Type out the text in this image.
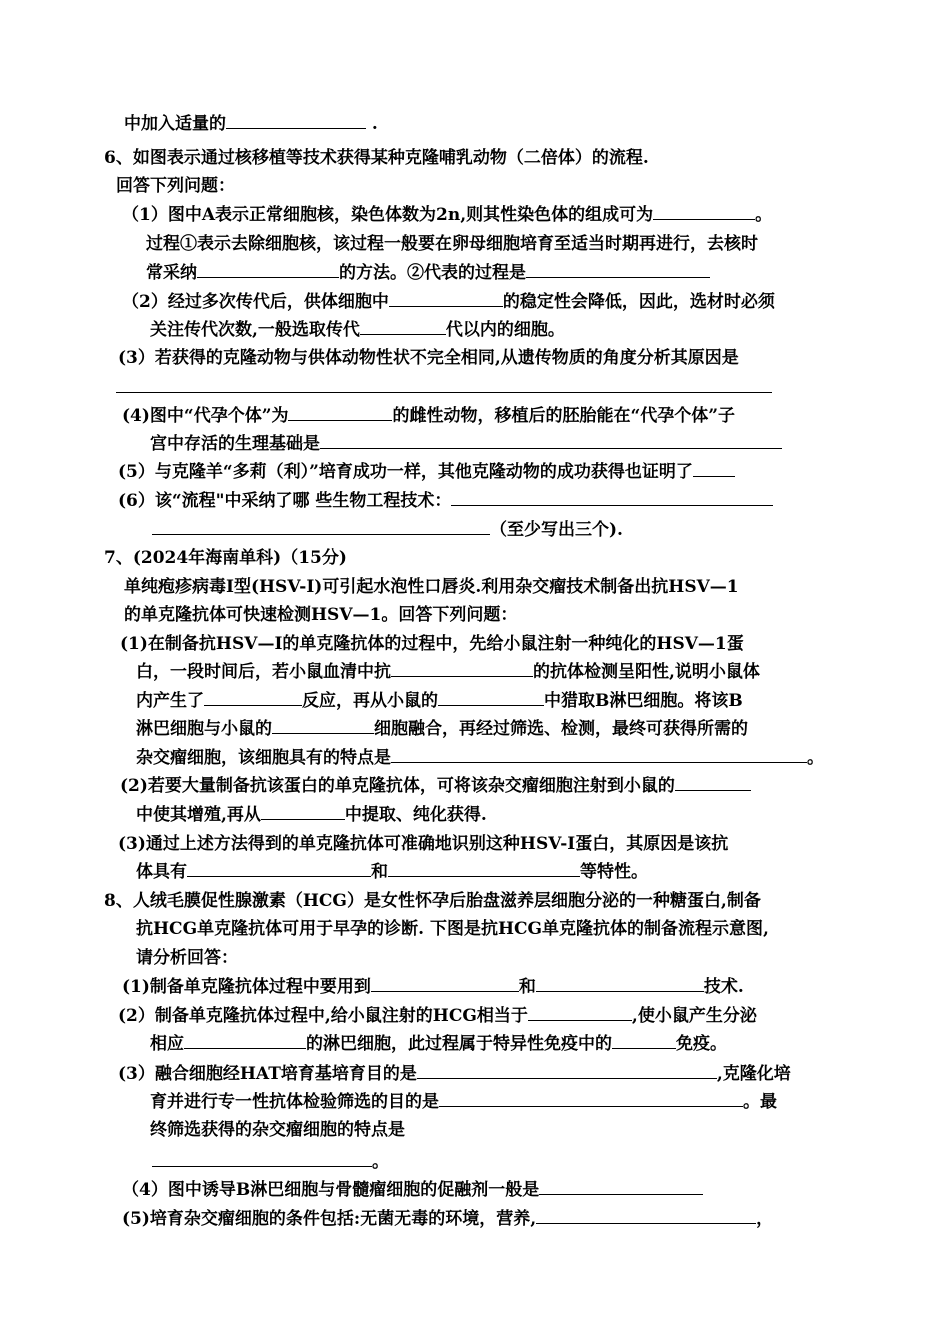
中加入适量的	.
6、如图表示通过核移植等技术获得某种克隆哺乳动物（二倍体）的流程.
回答下列问题：
（1）图中A表示正常细胞核，染色体数为2n,则其性染色体的组成可为	。
过程①表示去除细胞核，该过程一般要在卵母细胞培育至适当时期再进行，去核时
常采纳	的方法。②代表的过程是
（2）经过多次传代后，供体细胞中	的稳定性会降低，因此，选材时必须
关注传代次数,一般选取传代	代以内的细胞。
(3）若获得的克隆动物与供体动物性状不完全相同,从遗传物质的角度分析其原因是
(4)图中“代孕个体”为	的雌性动物，移植后的胚胎能在“代孕个体”子
宫中存活的生理基础是
(5）与克隆羊“多莉（利）”培育成功一样，其他克隆动物的成功获得也证明了
(6）该“流程"中采纳了哪 些生物工程技术：
（至少写出三个).
7、(2024年海南单科)（15分)
单纯疱疹病毒Ⅰ型(HSV-I)可引起水泡性口唇炎.利用杂交瘤技术制备出抗HSV—1
的单克隆抗体可快速检测HSV—1。回答下列问题：
(1)在制备抗HSV—I的单克隆抗体的过程中，先给小鼠注射一种纯化的HSV—1蛋
白，一段时间后，若小鼠血清中抗	的抗体检测呈阳性,说明小鼠体
内产生了	反应，再从小鼠的	中猎取B淋巴细胞。将该B
淋巴细胞与小鼠的	细胞融合，再经过筛选、检测，最终可获得所需的
杂交瘤细胞，该细胞具有的特点是	。
(2)若要大量制备抗该蛋白的单克隆抗体，可将该杂交瘤细胞注射到小鼠的
中使其增殖,再从	中提取、纯化获得.
(3)通过上述方法得到的单克隆抗体可准确地识别这种HSV-I蛋白，其原因是该抗
体具有	和	等特性。
8、人绒毛膜促性腺激素（HCG）是女性怀孕后胎盘滋养层细胞分泌的一种糖蛋白,制备
抗HCG单克隆抗体可用于早孕的诊断. 下图是抗HCG单克隆抗体的制备流程示意图,
请分析回答：
(1)制备单克隆抗体过程中要用到	和	技术.
(2）制备单克隆抗体过程中,给小鼠注射的HCG相当于	,使小鼠产生分泌
相应	的淋巴细胞，此过程属于特异性免疫中的	免疫。
(3）融合细胞经HAT培育基培育目的是	,克隆化培
育并进行专一性抗体检验筛选的目的是	。最
终筛选获得的杂交瘤细胞的特点是
。
（4）图中诱导B淋巴细胞与骨髓瘤细胞的促融剂一般是
(5)培育杂交瘤细胞的条件包括:无菌无毒的环境，营养,	，
